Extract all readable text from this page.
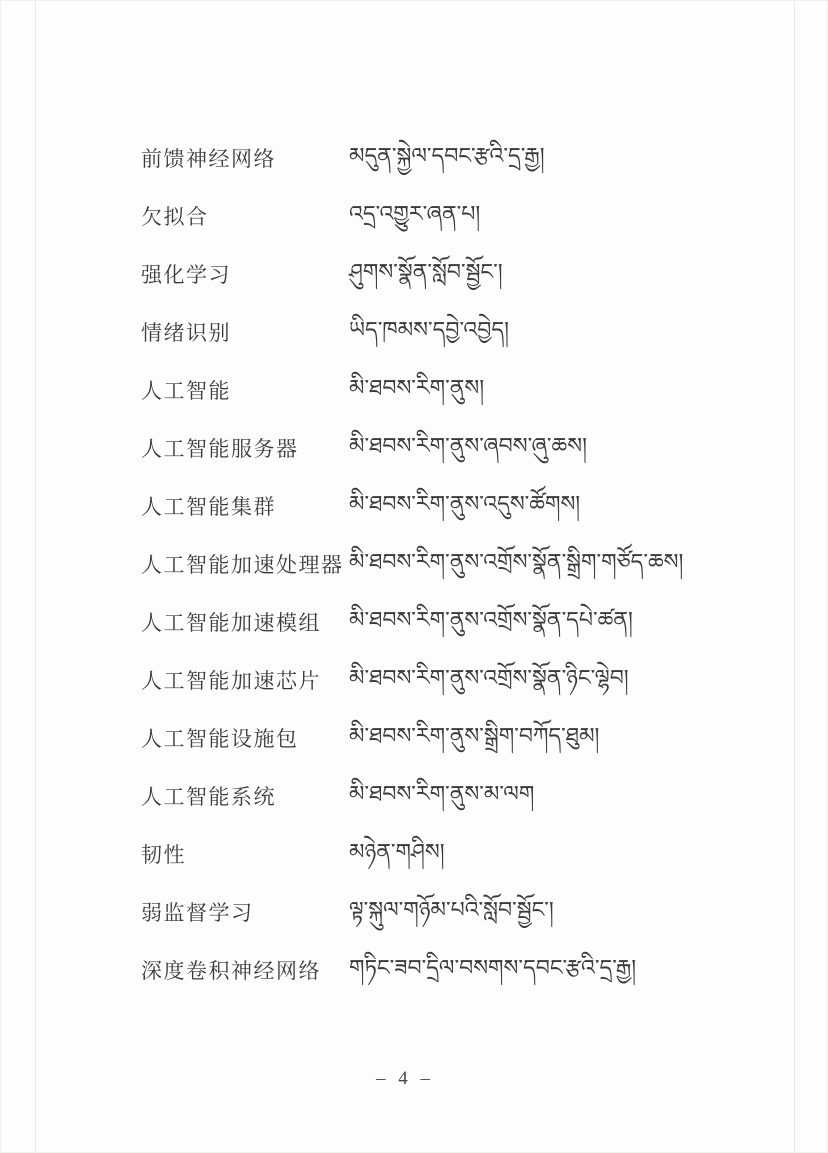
前馈神经网络	མདུན་སྐྱེལ་དབང་རྩའི་དྲ་རྒྱ།
欠拟合	འདྲ་འགྱུར་ཞན་པ།
强化学习	ཤུགས་སྣོན་སློབ་སྦྱོང་།
情绪识别	ཡིད་ཁམས་དབྱེ་འབྱེད།
人工智能	མི་ཐབས་རིག་ནུས།
人工智能服务器	མི་ཐབས་རིག་ནུས་ཞབས་ཞུ་ཆས།
人工智能集群	མི་ཐབས་རིག་ནུས་འདུས་ཚོགས།
人工智能加速处理器 མི་ཐབས་རིག་ནུས་འགྲོས་སྣོན་སྒྲིག་གཙོད་ཆས།
人工智能加速模组	མི་ཐབས་རིག་ནུས་འགྲོས་སྣོན་དཔེ་ཚན།
人工智能加速芯片	མི་ཐབས་རིག་ནུས་འགྲོས་སྣོན་ཉིང་ལྷེབ།
人工智能设施包	མི་ཐབས་རིག་ནུས་སྒྲིག་བཀོད་ཐུམ།
人工智能系统	མི་ཐབས་རིག་ནུས་མ་ལག
韧性	མཉེན་གཤིས།
弱监督学习	ལྟ་སྐུལ་གཉོམ་པའི་སློབ་སྦྱོང་།
深度卷积神经网络	གཏིང་ཟབ་དྲིལ་བསགས་དབང་རྩའི་དྲ་རྒྱ།
– 4 –
